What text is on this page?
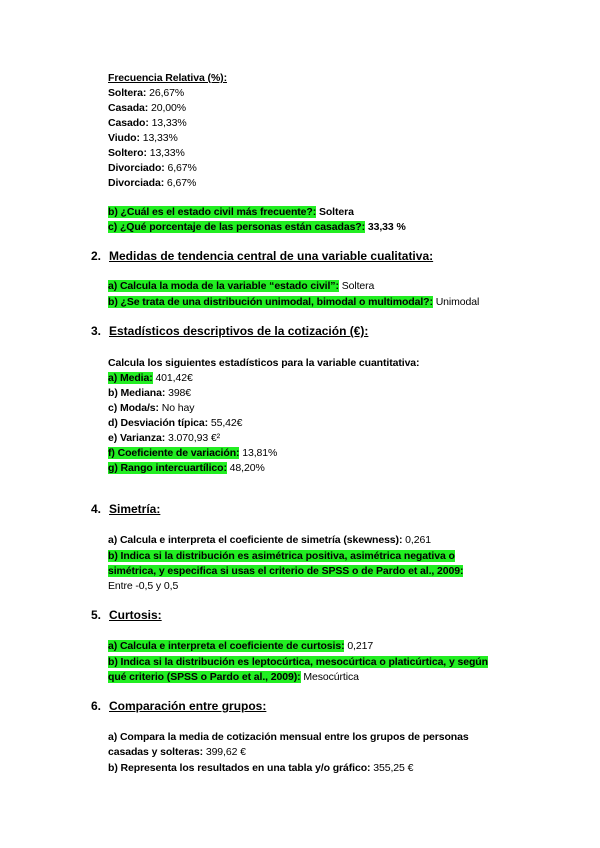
Frecuencia Relativa (%):
Soltera: 26,67%
Casada: 20,00%
Casado: 13,33%
Viudo: 13,33%
Soltero: 13,33%
Divorciado: 6,67%
Divorciada: 6,67%
b) ¿Cuál es el estado civil más frecuente?: Soltera
c) ¿Qué porcentaje de las personas están casadas?: 33,33 %
2. Medidas de tendencia central de una variable cualitativa:
a) Calcula la moda de la variable “estado civil”: Soltera
b) ¿Se trata de una distribución unimodal, bimodal o multimodal?: Unimodal
3. Estadísticos descriptivos de la cotización (€):
Calcula los siguientes estadísticos para la variable cuantitativa:
a) Media: 401,42€
b) Mediana: 398€
c) Moda/s: No hay
d) Desviación típica: 55,42€
e) Varianza: 3.070,93 €²
f) Coeficiente de variación: 13,81%
g) Rango intercuartílico: 48,20%
4. Simetría:
a) Calcula e interpreta el coeficiente de simetría (skewness): 0,261
b) Indica si la distribución es asimétrica positiva, asimétrica negativa o
simétrica, y especifica si usas el criterio de SPSS o de Pardo et al., 2009:
Entre -0,5 y 0,5
5. Curtosis:
a) Calcula e interpreta el coeficiente de curtosis: 0,217
b) Indica si la distribución es leptocúrtica, mesocúrtica o platicúrtica, y según
qué criterio (SPSS o Pardo et al., 2009): Mesocúrtica
6. Comparación entre grupos:
a) Compara la media de cotización mensual entre los grupos de personas
casadas y solteras: 399,62 €
b) Representa los resultados en una tabla y/o gráfico: 355,25 €
